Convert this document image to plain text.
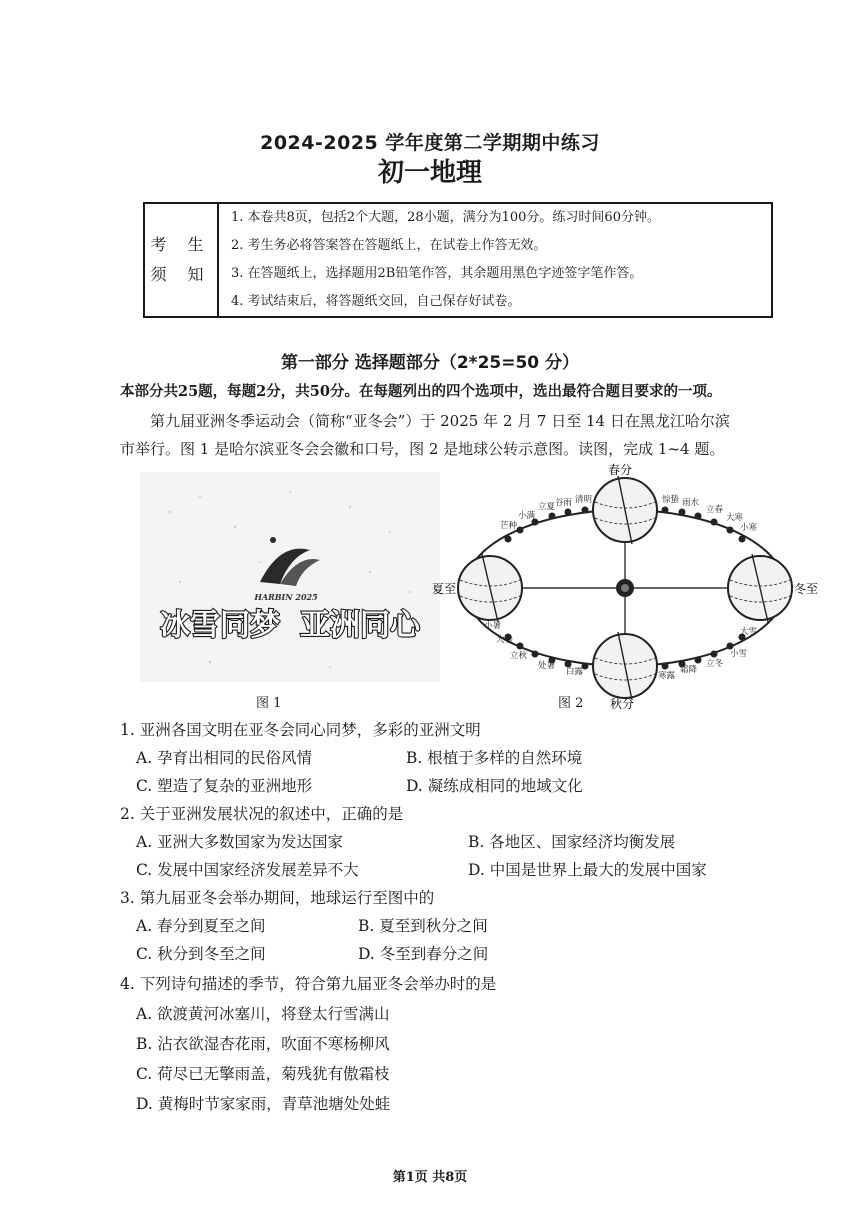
2024-2025 学年度第二学期期中练习
初一地理
考 生
须 知

1. 本卷共8页，包括2个大题，28小题，满分为100分。练习时间60分钟。
2. 考生务必将答案答在答题纸上，在试卷上作答无效。
3. 在答题纸上，选择题用2B铅笔作答，其余题用黑色字迹签字笔作答。
4. 考试结束后，将答题纸交回，自己保存好试卷。
第一部分 选择题部分（2*25=50 分）
本部分共25题，每题2分，共50分。在每题列出的四个选项中，选出最符合题目要求的一项。
第九届亚洲冬季运动会（简称“亚冬会”）于 2025 年 2 月 7 日至 14 日在黑龙江哈尔滨
市举行。图 1 是哈尔滨亚冬会会徽和口号，图 2 是地球公转示意图。读图，完成 1~4 题。
HARBIN 2025
冰雪同梦 亚洲同心
图 1
春分
夏至
秋分
冬至
立夏 谷雨 清明
小满
芒种
惊蛰 雨水
立春
大寒
小寒
小暑
大暑
立秋
处暑
白露	寒露
霜降
立冬
小雪
大雪
图 2
1. 亚洲各国文明在亚冬会同心同梦，多彩的亚洲文明
A. 孕育出相同的民俗风情	B. 根植于多样的自然环境
C. 塑造了复杂的亚洲地形	D. 凝练成相同的地域文化
2. 关于亚洲发展状况的叙述中，正确的是
A. 亚洲大多数国家为发达国家	B. 各地区、国家经济均衡发展
C. 发展中国家经济发展差异不大	D. 中国是世界上最大的发展中国家
3. 第九届亚冬会举办期间，地球运行至图中的
A. 春分到夏至之间	B. 夏至到秋分之间
C. 秋分到冬至之间	D. 冬至到春分之间
4. 下列诗句描述的季节，符合第九届亚冬会举办时的是
A. 欲渡黄河冰塞川，将登太行雪满山
B. 沾衣欲湿杏花雨，吹面不寒杨柳风
C. 荷尽已无擎雨盖，菊残犹有傲霜枝
D. 黄梅时节家家雨，青草池塘处处蛙
第1页 共8页
